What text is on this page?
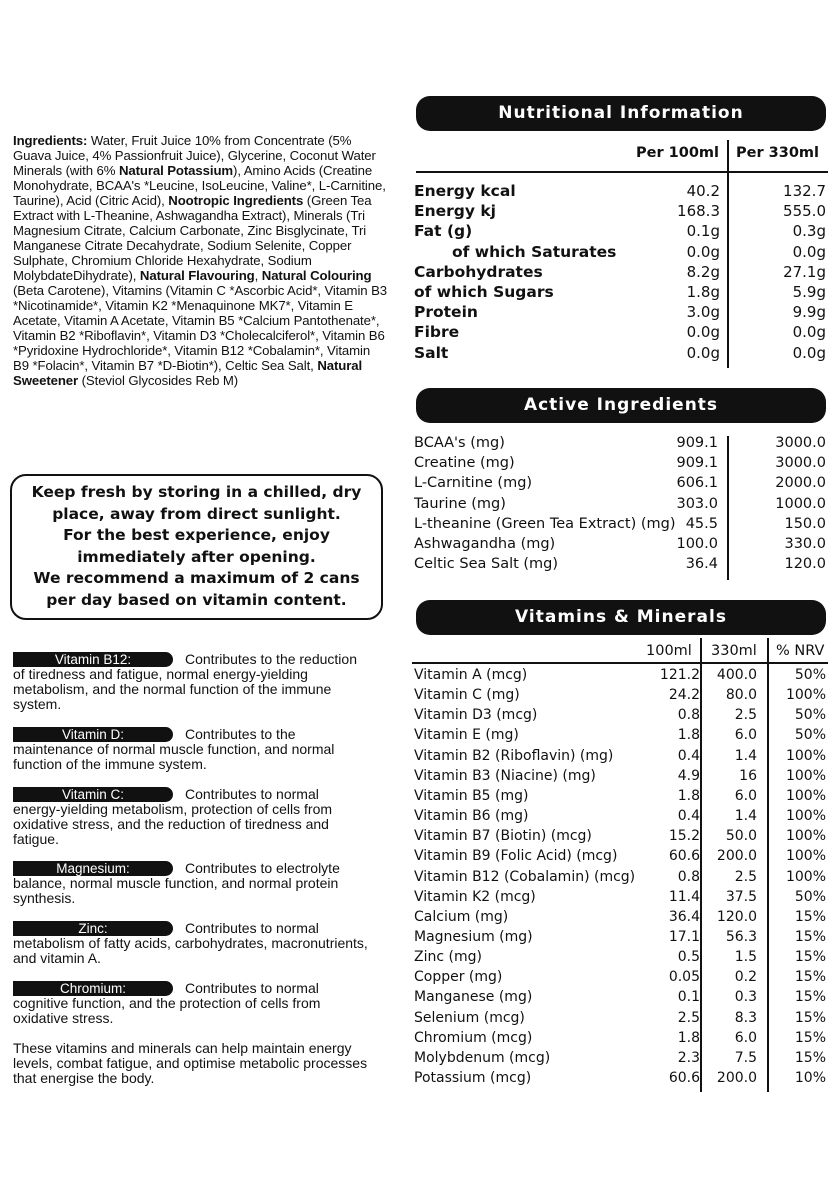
Ingredients: Water, Fruit Juice 10% from Concentrate (5% Guava Juice, 4% Passionfruit Juice), Glycerine, Coconut Water Minerals (with 6% Natural Potassium), Amino Acids (Creatine Monohydrate, BCAA's *Leucine, IsoLeucine, Valine*, L-Carnitine, Taurine), Acid (Citric Acid), Nootropic Ingredients (Green Tea Extract with L-Theanine, Ashwagandha Extract), Minerals (Tri Magnesium Citrate, Calcium Carbonate, Zinc Bisglycinate, Tri Manganese Citrate Decahydrate, Sodium Selenite, Copper Sulphate, Chromium Chloride Hexahydrate, Sodium MolybdateDihydrate), Natural Flavouring, Natural Colouring (Beta Carotene), Vitamins (Vitamin C *Ascorbic Acid*, Vitamin B3 *Nicotinamide*, Vitamin K2 *Menaquinone MK7*, Vitamin E Acetate, Vitamin A Acetate, Vitamin B5 *Calcium Pantothenate*, Vitamin B2 *Riboflavin*, Vitamin D3 *Cholecalciferol*, Vitamin B6 *Pyridoxine Hydrochloride*, Vitamin B12 *Cobalamin*, Vitamin B9 *Folacin*, Vitamin B7 *D-Biotin*), Celtic Sea Salt, Natural Sweetener (Steviol Glycosides Reb M)
Keep fresh by storing in a chilled, dry
place, away from direct sunlight.
For the best experience, enjoy
immediately after opening.
We recommend a maximum of 2 cans
per day based on vitamin content.
Vitamin B12:	Contributes to the reduction of tiredness and fatigue, normal energy-yielding metabolism, and the normal function of the immune system.
Vitamin D:	Contributes to the maintenance of normal muscle function, and normal function of the immune system.
Vitamin C:	Contributes to normal energy-yielding metabolism, protection of cells from oxidative stress, and the reduction of tiredness and fatigue.
Magnesium:	Contributes to electrolyte balance, normal muscle function, and normal protein synthesis.
Zinc:	Contributes to normal metabolism of fatty acids, carbohydrates, macronutrients, and vitamin A.
Chromium:	Contributes to normal cognitive function, and the protection of cells from oxidative stress.
These vitamins and minerals can help maintain energy levels, combat fatigue, and optimise metabolic processes that energise the body.
Nutritional Information
Per 100ml Per 330ml
Energy kcal	40.2	132.7
Energy kj	168.3	555.0
Fat (g)	0.1g	0.3g
of which Saturates	0.0g	0.0g
Carbohydrates	8.2g	27.1g
of which Sugars	1.8g	5.9g
Protein	3.0g	9.9g
Fibre	0.0g	0.0g
Salt	0.0g	0.0g
Active Ingredients
BCAA's (mg)	909.1	3000.0
Creatine (mg)	909.1	3000.0
L-Carnitine (mg)	606.1	2000.0
Taurine (mg)	303.0	1000.0
L-theanine (Green Tea Extract) (mg) 45.5	150.0
Ashwagandha (mg)	100.0	330.0
Celtic Sea Salt (mg)	36.4	120.0
Vitamins & Minerals
100ml 330ml % NRV
Vitamin A (mcg)	121.2 400.0	50%
Vitamin C (mg)	24.2 80.0 100%
Vitamin D3 (mcg)	0.8 2.5	50%
Vitamin E (mg)	1.8 6.0	50%
Vitamin B2 (Riboflavin) (mg)	0.4 1.4 100%
Vitamin B3 (Niacine) (mg)	4.9	16 100%
Vitamin B5 (mg)	1.8 6.0 100%
Vitamin B6 (mg)	0.4 1.4 100%
Vitamin B7 (Biotin) (mcg)	15.2 50.0 100%
Vitamin B9 (Folic Acid) (mcg)	60.6 200.0 100%
Vitamin B12 (Cobalamin) (mcg)	0.8 2.5 100%
Vitamin K2 (mcg)	11.4 37.5	50%
Calcium (mg)	36.4 120.0	15%
Magnesium (mg)	17.1 56.3	15%
Zinc (mg)	0.5 1.5	15%
Copper (mg)	0.05 0.2	15%
Manganese (mg)	0.1 0.3	15%
Selenium (mcg)	2.5 8.3	15%
Chromium (mcg)	1.8 6.0	15%
Molybdenum (mcg)	2.3 7.5	15%
Potassium (mcg)	60.6 200.0	10%
